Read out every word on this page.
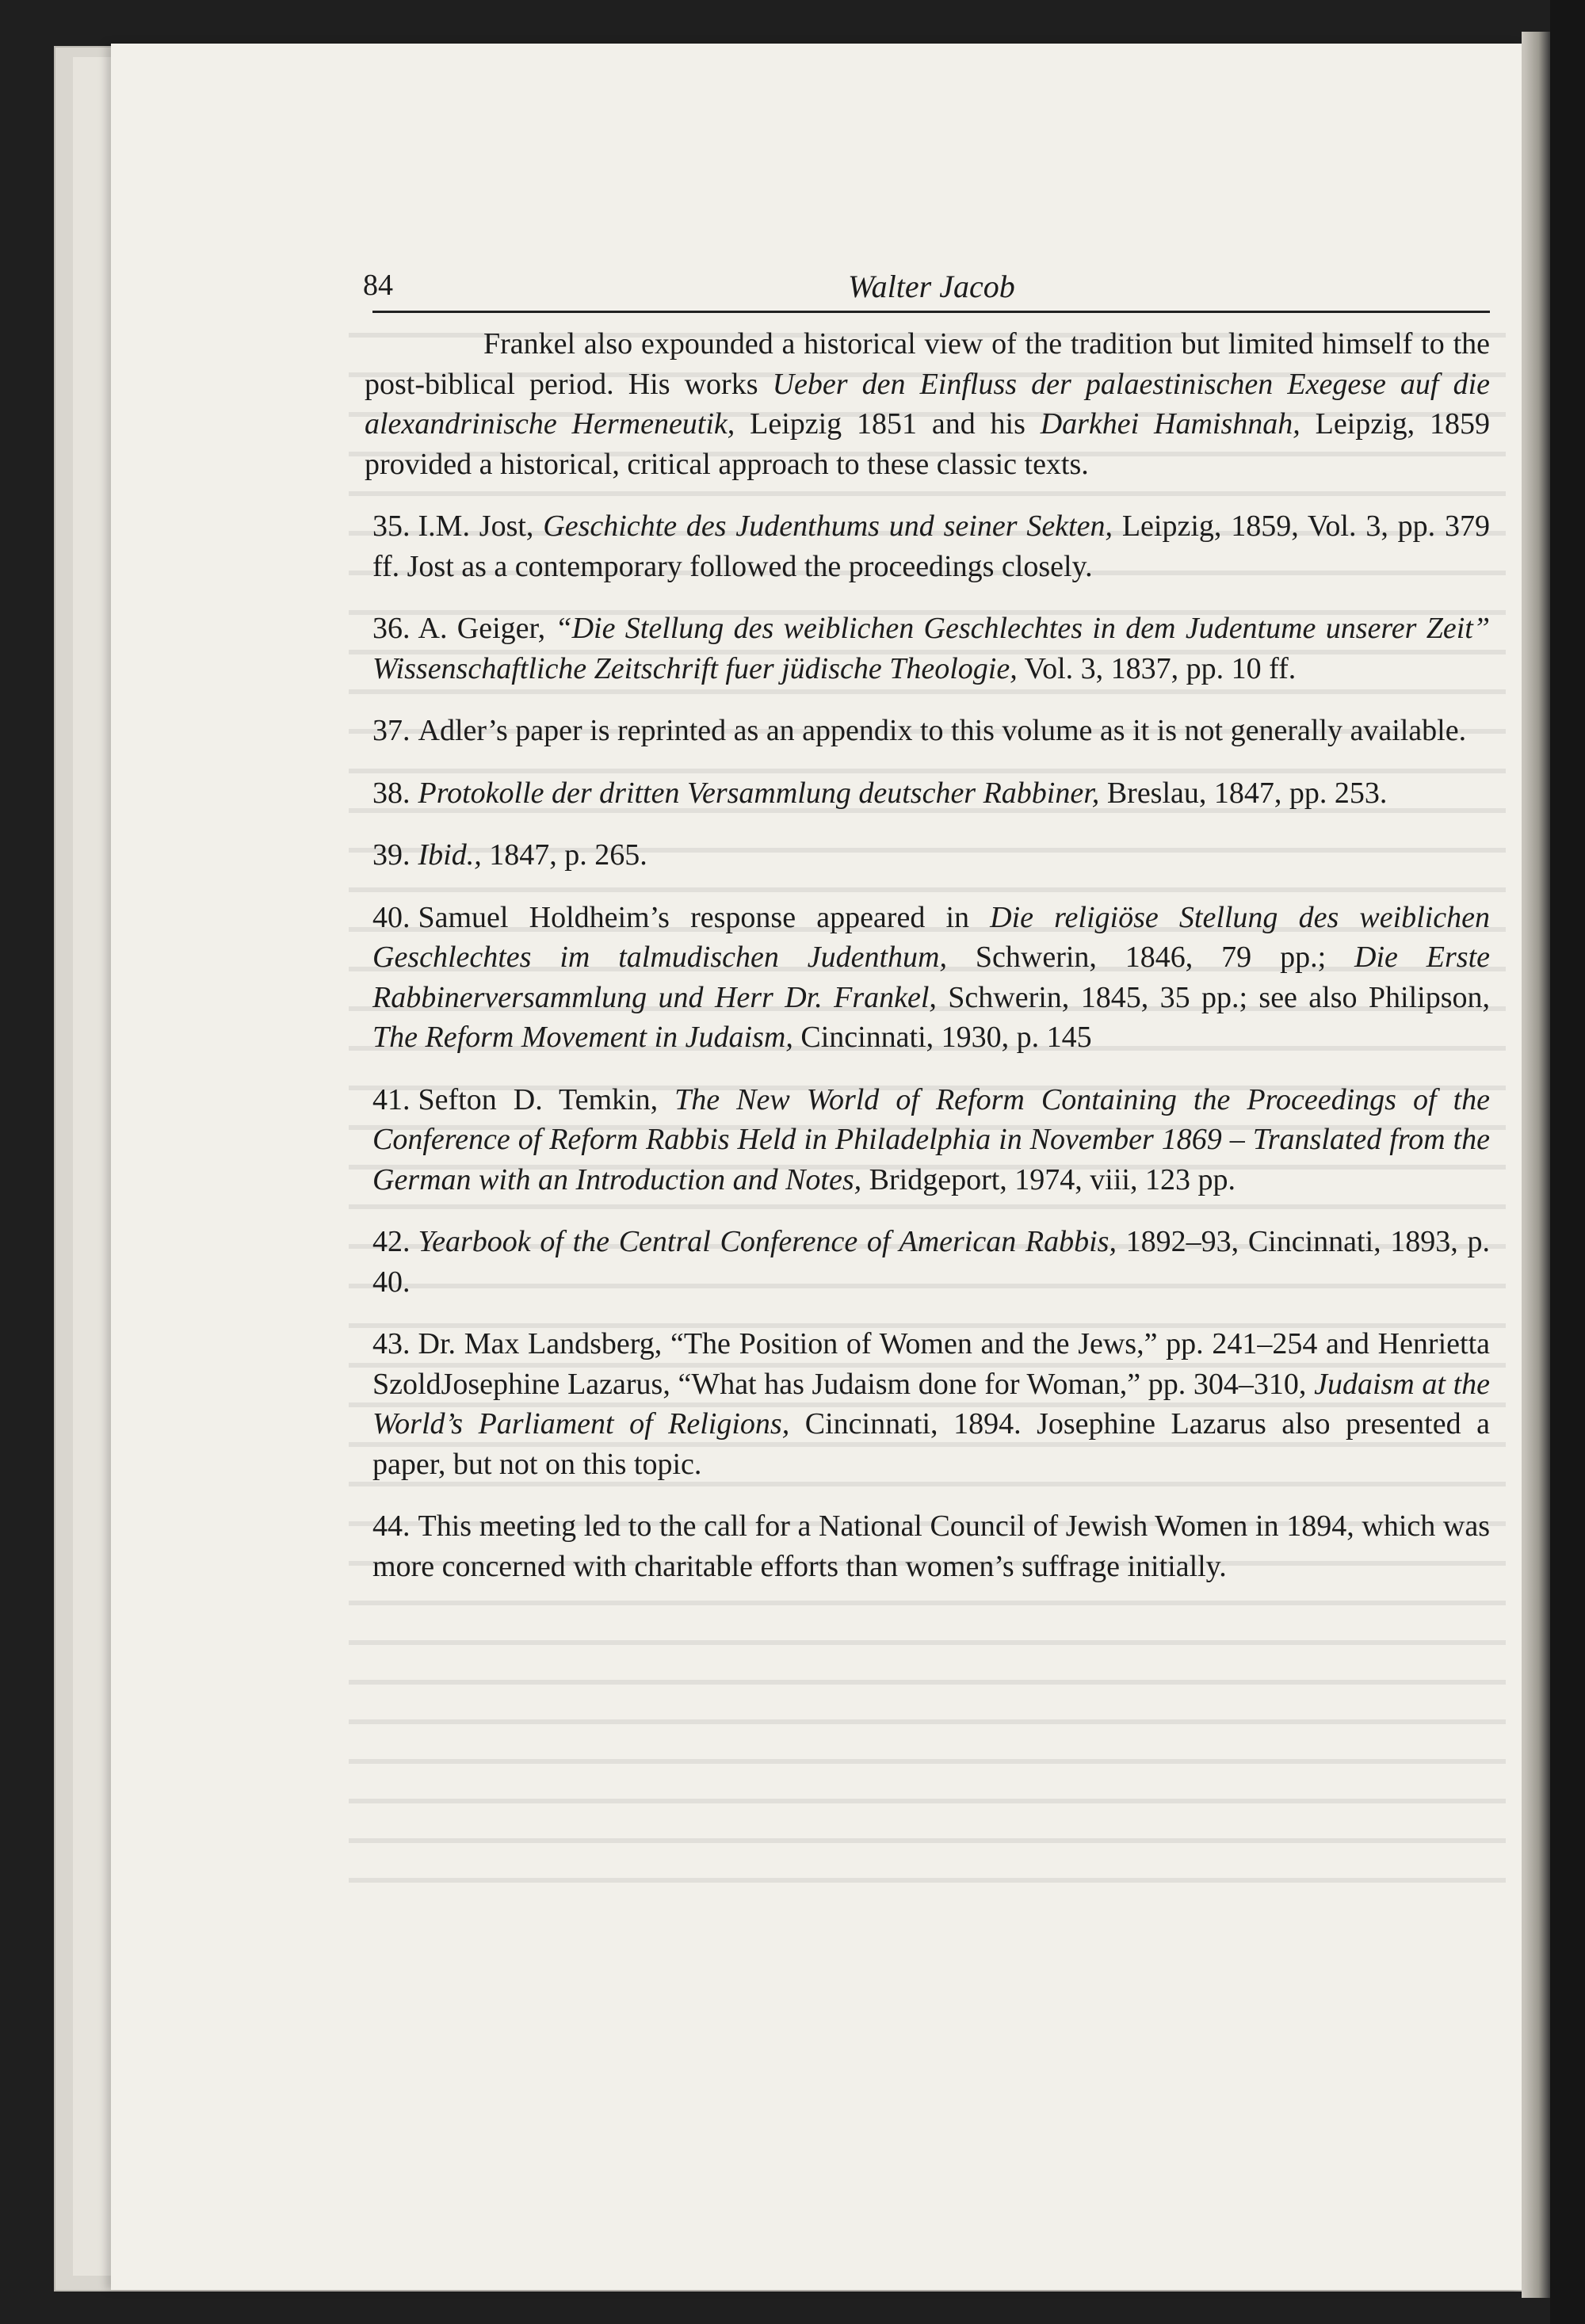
84	Walter Jacob

Frankel also expounded a historical view of the tradition but limited himself to the post-biblical period. His works Ueber den Einfluss der palaestinischen Exegese auf die alexandrinische Hermeneutik, Leipzig 1851 and his Darkhei Hamishnah, Leipzig, 1859 provided a historical, critical approach to these classic texts.

35. I.M. Jost, Geschichte des Judenthums und seiner Sekten, Leipzig, 1859, Vol. 3, pp. 379 ff. Jost as a contemporary followed the proceedings closely.

36. A. Geiger, “Die Stellung des weiblichen Geschlechtes in dem Judentume unserer Zeit” Wissenschaftliche Zeitschrift fuer jüdische Theologie, Vol. 3, 1837, pp. 10 ff.

37. Adler’s paper is reprinted as an appendix to this volume as it is not generally available.

38. Protokolle der dritten Versammlung deutscher Rabbiner, Breslau, 1847, pp. 253.

39. Ibid., 1847, p. 265.

40. Samuel Holdheim’s response appeared in Die religiöse Stellung des weiblichen Geschlechtes im talmudischen Judenthum, Schwerin, 1846, 79 pp.; Die Erste Rabbinerversammlung und Herr Dr. Frankel, Schwerin, 1845, 35 pp.; see also Philipson, The Reform Movement in Judaism, Cincinnati, 1930, p. 145

41. Sefton D. Temkin, The New World of Reform Containing the Proceedings of the Conference of Reform Rabbis Held in Philadelphia in November 1869 – Translated from the German with an Introduction and Notes, Bridgeport, 1974, viii, 123 pp.

42. Yearbook of the Central Conference of American Rabbis, 1892–93, Cincinnati, 1893, p. 40.

43. Dr. Max Landsberg, “The Position of Women and the Jews,” pp. 241–254 and Henrietta SzoldJosephine Lazarus, “What has Judaism done for Woman,” pp. 304–310, Judaism at the World’s Parliament of Religions, Cincinnati, 1894. Josephine Lazarus also presented a paper, but not on this topic.

44. This meeting led to the call for a National Council of Jewish Women in 1894, which was more concerned with charitable efforts than women’s suffrage initially.
